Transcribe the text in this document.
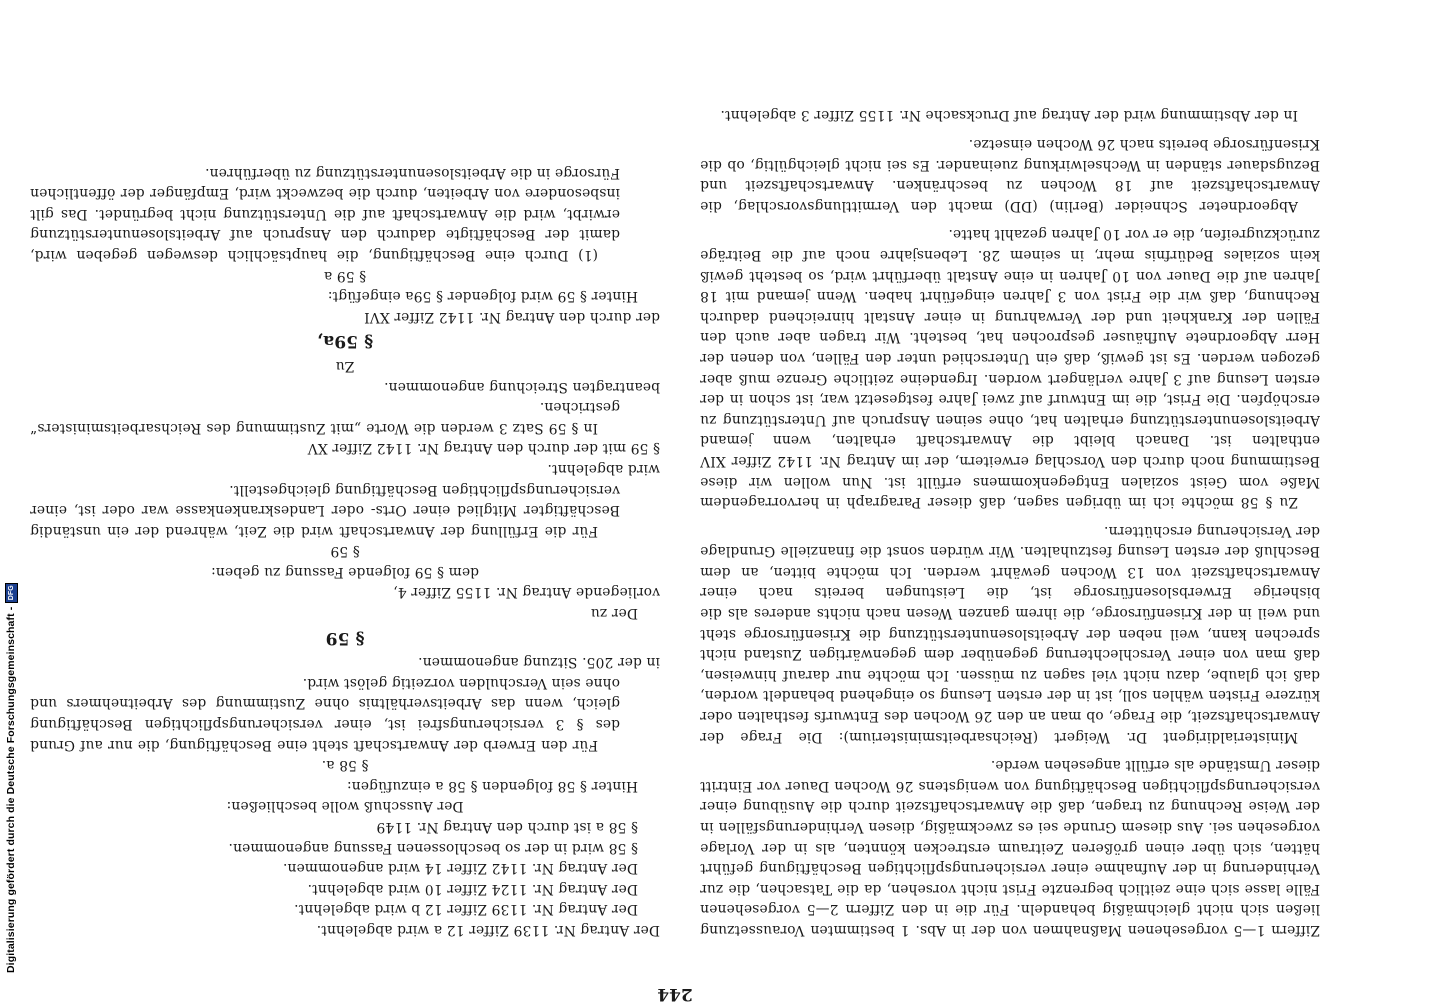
Digitalisierung gefördert durch die Deutsche Forschungsgemeinschaft -
DFG
244

Ziffern 1—5 vorgesehenen Maßnahmen von der in Abs. 1 bestimmten Voraussetzung ließen sich nicht gleichmäßig behandeln. Für die in den Ziffern 2—5 vorgesehenen Fälle lasse sich eine zeitlich begrenzte Frist nicht vorsehen, da die Tatsachen, die zur Verhinderung in der Aufnahme einer versicherungspflichtigen Beschäftigung geführt hätten, sich über einen größeren Zeitraum erstrecken könnten, als in der Vorlage vorgesehen sei. Aus diesem Grunde sei es zweckmäßig, diesen Verhinderungsfällen in der Weise Rechnung zu tragen, daß die Anwartschaftszeit durch die Ausübung einer versicherungspflichtigen Beschäftigung von wenigstens 26 Wochen Dauer vor Eintritt dieser Umstände als erfüllt angesehen werde.

Ministerialdirigent Dr. Weigert (Reichsarbeitsministerium): Die Frage der Anwartschaftszeit, die Frage, ob man an den 26 Wochen des Entwurfs festhalten oder kürzere Fristen wählen soll, ist in der ersten Lesung so eingehend behandelt worden, daß ich glaube, dazu nicht viel sagen zu müssen. Ich möchte nur darauf hinweisen, daß man von einer Verschlechterung gegenüber dem gegenwärtigen Zustand nicht sprechen kann, weil neben der Arbeitslosenunterstützung die Krisenfürsorge steht und weil in der Krisenfürsorge, die ihrem ganzen Wesen nach nichts anderes als die bisherige Erwerbslosenfürsorge ist, die Leistungen bereits nach einer Anwartschaftszeit von 13 Wochen gewährt werden. Ich möchte bitten, an dem Beschluß der ersten Lesung festzuhalten. Wir würden sonst die finanzielle Grundlage der Versicherung erschüttern.

Zu § 58 möchte ich im übrigen sagen, daß dieser Paragraph in hervorragendem Maße vom Geist sozialen Entgegenkommens erfüllt ist. Nun wollen wir diese Bestimmung noch durch den Vorschlag erweitern, der im Antrag Nr. 1142 Ziffer XIV enthalten ist. Danach bleibt die Anwartschaft erhalten, wenn jemand Arbeitslosenunterstützung erhalten hat, ohne seinen Anspruch auf Unterstützung zu erschöpfen. Die Frist, die im Entwurf auf zwei Jahre festgesetzt war, ist schon in der ersten Lesung auf 3 Jahre verlängert worden. Irgendeine zeitliche Grenze muß aber gezogen werden. Es ist gewiß, daß ein Unterschied unter den Fällen, von denen der Herr Abgeordnete Aufhäuser gesprochen hat, besteht. Wir tragen aber auch den Fällen der Krankheit und der Verwahrung in einer Anstalt hinreichend dadurch Rechnung, daß wir die Frist von 3 Jahren eingeführt haben. Wenn jemand mit 18 Jahren auf die Dauer von 10 Jahren in eine Anstalt überführt wird, so besteht gewiß kein soziales Bedürfnis mehr, in seinem 28. Lebensjahre noch auf die Beiträge zurückzugreifen, die er vor 10 Jahren gezahlt hatte.

Abgeordneter Schneider (Berlin) (DD) macht den Vermittlungsvorschlag, die Anwartschaftszeit auf 18 Wochen zu beschränken. Anwartschaftszeit und Bezugsdauer ständen in Wechselwirkung zueinander. Es sei nicht gleichgültig, ob die Krisenfürsorge bereits nach 26 Wochen einsetze.

In der Abstimmung wird der Antrag auf Drucksache Nr. 1155 Ziffer 3 abgelehnt.

Der Antrag Nr. 1139 Ziffer 12 a wird abgelehnt.

Der Antrag Nr. 1139 Ziffer 12 b wird abgelehnt.

Der Antrag Nr. 1124 Ziffer 10 wird abgelehnt.

Der Antrag Nr. 1142 Ziffer 14 wird angenommen.

§ 58 wird in der so beschlossenen Fassung angenommen.

§ 58 a ist durch den Antrag Nr. 1149

Der Ausschuß wolle beschließen:

Hinter § 58 folgenden § 58 a einzufügen:

§ 58 a.

Für den Erwerb der Anwartschaft steht eine Beschäftigung, die nur auf Grund des § 3 versicherungsfrei ist, einer versicherungspflichtigen Beschäftigung gleich, wenn das Arbeitsverhältnis ohne Zustimmung des Arbeitnehmers und ohne sein Verschulden vorzeitig gelöst wird.

in der 205. Sitzung angenommen.

§ 59

Der zu

vorliegende Antrag Nr. 1155 Ziffer 4,

dem § 59 folgende Fassung zu geben:

§ 59

Für die Erfüllung der Anwartschaft wird die Zeit, während der ein unständig Beschäftigter Mitglied einer Orts- oder Landeskrankenkasse war oder ist, einer versicherungspflichtigen Beschäftigung gleichgestellt.

wird abgelehnt.

§ 59 mit der durch den Antrag Nr. 1142 Ziffer XV

In § 59 Satz 3 werden die Worte „mit Zustimmung des Reichsarbeitsministers“ gestrichen.

beantragten Streichung angenommen.

Zu

§ 59a,

der durch den Antrag Nr. 1142 Ziffer XVI

Hinter § 59 wird folgender § 59a eingefügt:

§ 59 a

(1) Durch eine Beschäftigung, die hauptsächlich deswegen gegeben wird, damit der Beschäftigte dadurch den Anspruch auf Arbeitslosenunterstützung erwirbt, wird die Anwartschaft auf die Unterstützung nicht begründet. Das gilt insbesondere von Arbeiten, durch die bezweckt wird, Empfänger der öffentlichen Fürsorge in die Arbeitslosenunterstützung zu überführen.
